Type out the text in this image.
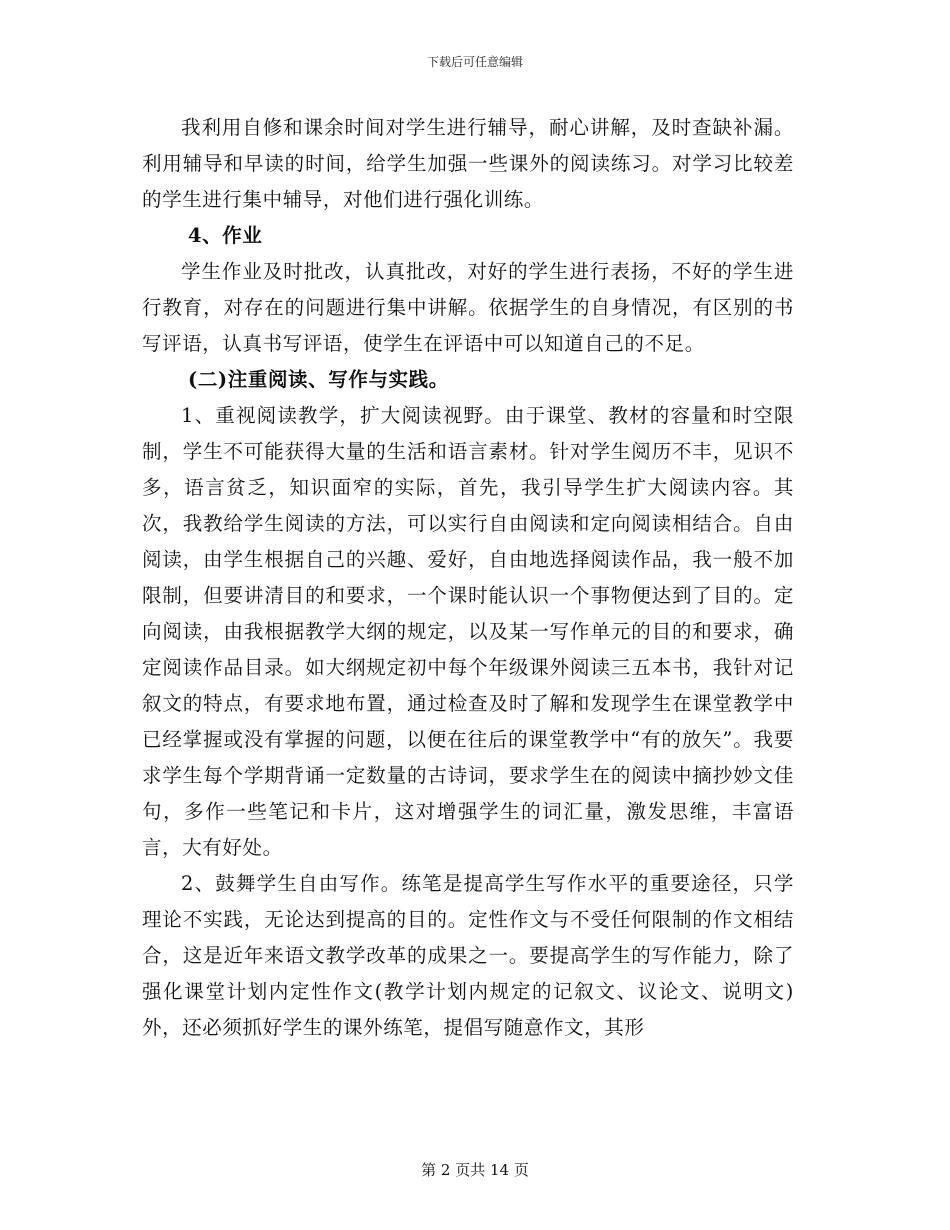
下载后可任意编辑

我利用自修和课余时间对学生进行辅导，耐心讲解，及时查缺补漏。利用辅导和早读的时间，给学生加强一些课外的阅读练习。对学习比较差的学生进行集中辅导，对他们进行强化训练。

4、作业

学生作业及时批改，认真批改，对好的学生进行表扬，不好的学生进行教育，对存在的问题进行集中讲解。依据学生的自身情况，有区别的书写评语，认真书写评语，使学生在评语中可以知道自己的不足。

(二)注重阅读、写作与实践。

1、重视阅读教学，扩大阅读视野。由于课堂、教材的容量和时空限制，学生不可能获得大量的生活和语言素材。针对学生阅历不丰，见识不多，语言贫乏，知识面窄的实际，首先，我引导学生扩大阅读内容。其次，我教给学生阅读的方法，可以实行自由阅读和定向阅读相结合。自由阅读，由学生根据自己的兴趣、爱好，自由地选择阅读作品，我一般不加限制，但要讲清目的和要求，一个课时能认识一个事物便达到了目的。定向阅读，由我根据教学大纲的规定，以及某一写作单元的目的和要求，确定阅读作品目录。如大纲规定初中每个年级课外阅读三五本书，我针对记叙文的特点，有要求地布置，通过检查及时了解和发现学生在课堂教学中已经掌握或没有掌握的问题，以便在往后的课堂教学中“有的放矢”。我要求学生每个学期背诵一定数量的古诗词，要求学生在的阅读中摘抄妙文佳句，多作一些笔记和卡片，这对增强学生的词汇量，激发思维，丰富语言，大有好处。

2、鼓舞学生自由写作。练笔是提高学生写作水平的重要途径，只学理论不实践，无论达到提高的目的。定性作文与不受任何限制的作文相结合，这是近年来语文教学改革的成果之一。要提高学生的写作能力，除了强化课堂计划内定性作文(教学计划内规定的记叙文、议论文、说明文)外，还必须抓好学生的课外练笔，提倡写随意作文，其形

第 2 页共 14 页
